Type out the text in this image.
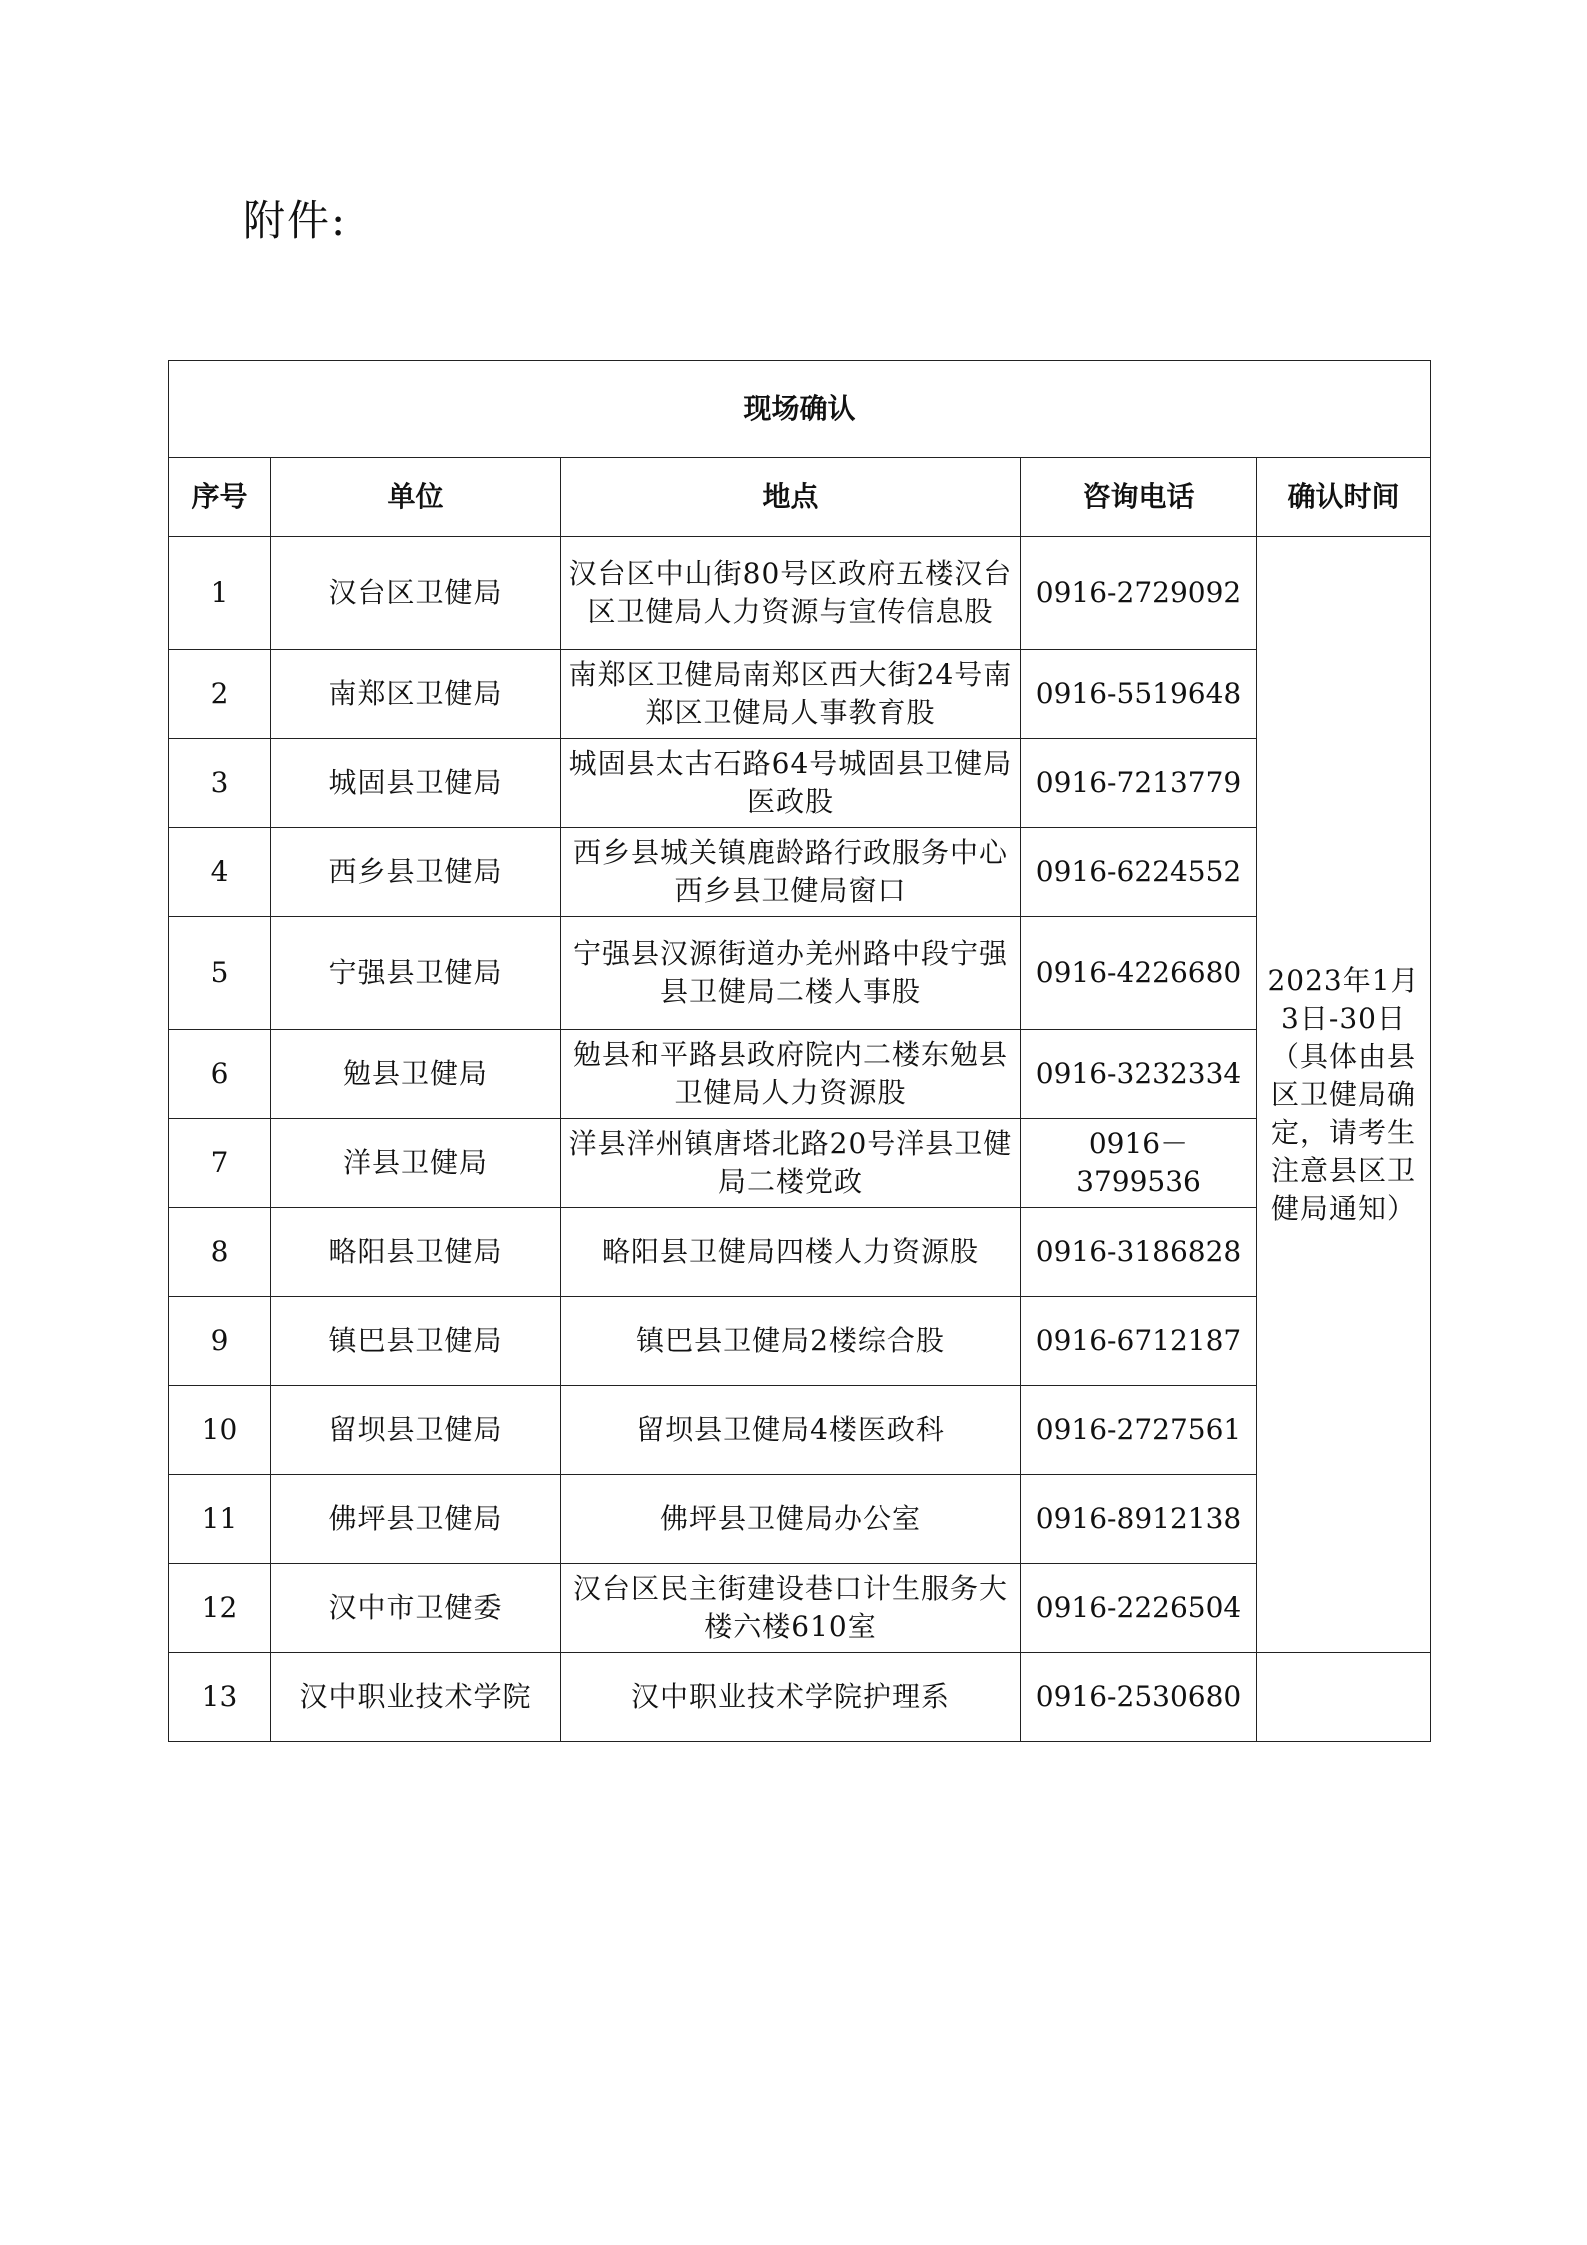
附件:
现场确认				
序号	单位	地点	咨询电话	确认时间
1	汉台区卫健局	汉台区中山街80号区政府五楼汉台区卫健局人力资源与宣传信息股	0916-2729092	2023年1月3日-30日（具体由县区卫健局确定，请考生注意县区卫健局通知）
2	南郑区卫健局	南郑区卫健局南郑区西大街24号南郑区卫健局人事教育股	0916-5519648	
3	城固县卫健局	城固县太古石路64号城固县卫健局医政股	0916-7213779	
4	西乡县卫健局	西乡县城关镇鹿龄路行政服务中心西乡县卫健局窗口	0916-6224552	
5	宁强县卫健局	宁强县汉源街道办羌州路中段宁强县卫健局二楼人事股	0916-4226680	
6	勉县卫健局	勉县和平路县政府院内二楼东勉县卫健局人力资源股	0916-3232334	
7	洋县卫健局	洋县洋州镇唐塔北路20号洋县卫健局二楼党政	0916－3799536	
8	略阳县卫健局	略阳县卫健局四楼人力资源股	0916-3186828	
9	镇巴县卫健局	镇巴县卫健局2楼综合股	0916-6712187	
10	留坝县卫健局	留坝县卫健局4楼医政科	0916-2727561	
11	佛坪县卫健局	佛坪县卫健局办公室	0916-8912138	
12	汉中市卫健委	汉台区民主街建设巷口计生服务大楼六楼610室	0916-2226504	
13	汉中职业技术学院	汉中职业技术学院护理系	0916-2530680	
